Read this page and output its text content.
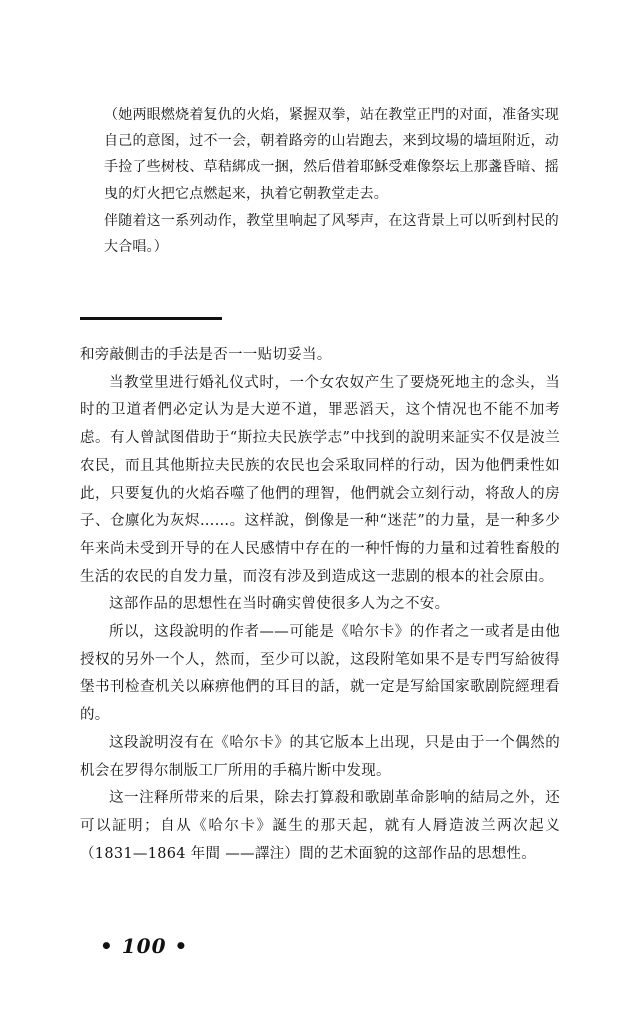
（她两眼燃烧着复仇的火焰，紧握双拳，站在教堂正門的对面，准备实现自己的意图，过不一会，朝着路旁的山岩跑去，来到坟場的墙垣附近，动手捡了些树枝、草秸綁成一捆，然后借着耶穌受难像祭坛上那盞昏暗、摇曳的灯火把它点燃起来，执着它朝教堂走去。

伴随着这一系列动作，教堂里响起了风琴声，在这背景上可以听到村民的大合唱。）

和旁敲側击的手法是否一一贴切妥当。

当教堂里进行婚礼仪式时，一个女农奴产生了要烧死地主的念头，当时的卫道者們必定认为是大逆不道，罪恶滔天，这个情况也不能不加考虑。有人曾試图借助于“斯拉夫民族学志”中找到的說明来証实不仅是波兰农民，而且其他斯拉夫民族的农民也会采取同样的行动，因为他們秉性如此，只要复仇的火焰吞噬了他們的理智，他們就会立刻行动，将敌人的房子、仓廪化为灰烬……。这样說，倒像是一种“迷茫”的力量，是一种多少年来尚未受到开导的在人民感情中存在的一种忏悔的力量和过着牲畜般的生活的农民的自发力量，而沒有涉及到造成这一悲剧的根本的社会原由。

这部作品的思想性在当时确实曾使很多人为之不安。

所以，这段說明的作者——可能是《哈尔卡》的作者之一或者是由他授权的另外一个人，然而，至少可以說，这段附笔如果不是专門写給彼得堡书刊检查机关以麻痹他們的耳目的話，就一定是写給国家歌剧院經理看的。

这段說明沒有在《哈尔卡》的其它版本上出现，只是由于一个偶然的机会在罗得尔制版工厂所用的手稿片断中发现。

这一注释所带来的后果，除去打算殺和歌剧革命影响的結局之外，还可以証明；自从《哈尔卡》誕生的那天起，就有人脣造波兰两次起义（1831—1864 年間 ——譯注）間的艺术面貌的这部作品的思想性。

• 100 •
